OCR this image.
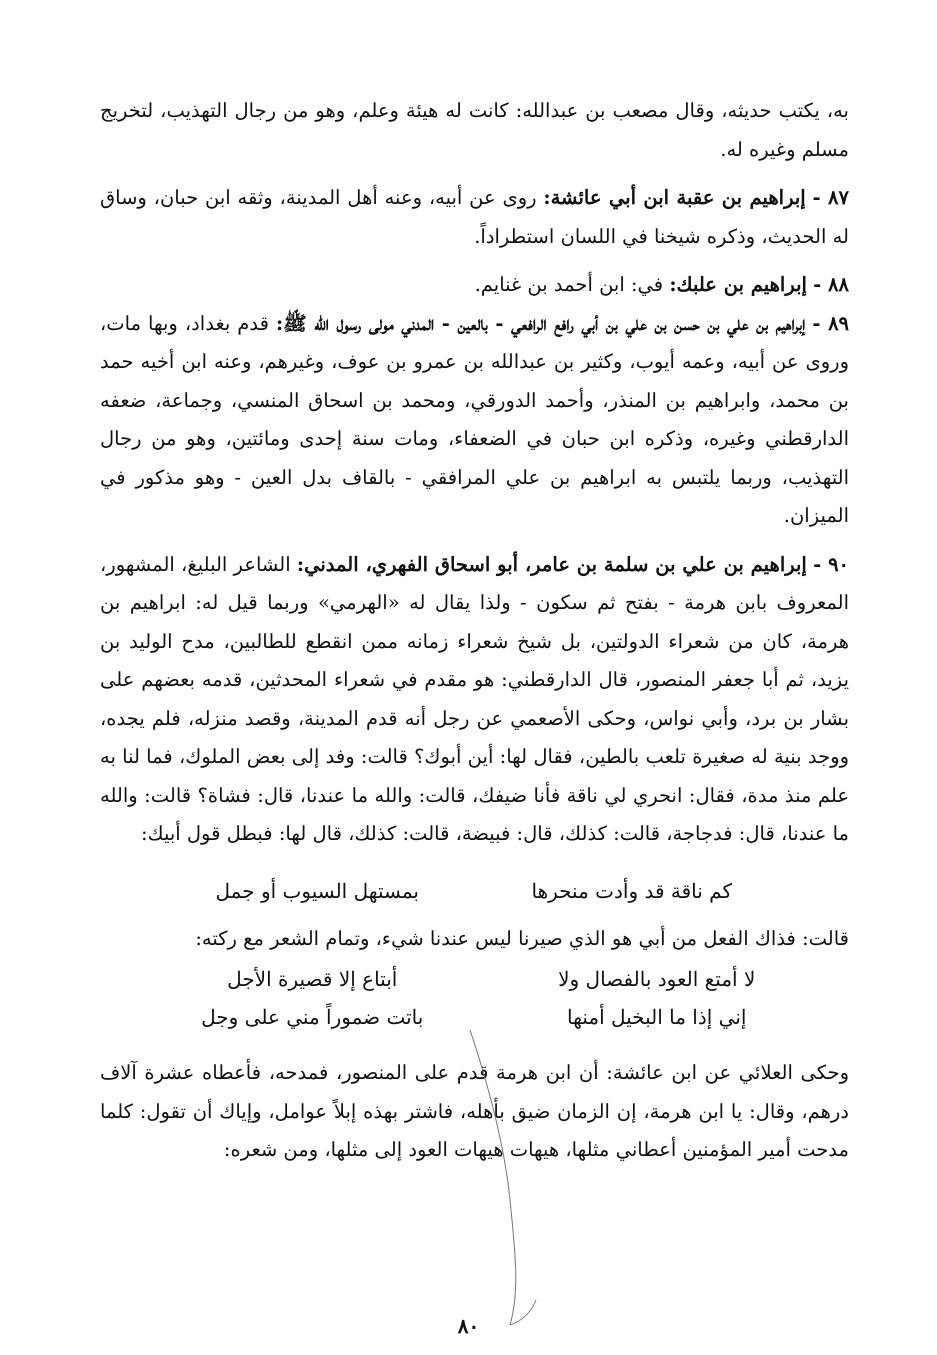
به، يكتب حديثه، وقال مصعب بن عبدالله: كانت له هيئة وعلم، وهو من رجال التهذيب، لتخريج مسلم وغيره له.

٨٧ - إبراهيم بن عقبة ابن أبي عائشة: روى عن أبيه، وعنه أهل المدينة، وثقه ابن حبان، وساق له الحديث، وذكره شيخنا في اللسان استطراداً.

٨٨ - إبراهيم بن علبك: في: ابن أحمد بن غنايم.

٨٩ - إبراهيم بن علي بن حسن بن علي بن أبي رافع الرافعي - بالعين - المدني مولى رسول الله ﷺ: قدم بغداد، وبها مات، وروى عن أبيه، وعمه أيوب، وكثير بن عبدالله بن عمرو بن عوف، وغيرهم، وعنه ابن أخيه حمد بن محمد، وابراهيم بن المنذر، وأحمد الدورقي، ومحمد بن اسحاق المنسي، وجماعة، ضعفه الدارقطني وغيره، وذكره ابن حبان في الضعفاء، ومات سنة إحدى ومائتين، وهو من رجال التهذيب، وربما يلتبس به ابراهيم بن علي المرافقي - بالقاف بدل العين - وهو مذكور في الميزان.

٩٠ - إبراهيم بن علي بن سلمة بن عامر، أبو اسحاق الفهري، المدني: الشاعر البليغ، المشهور، المعروف بابن هرمة - بفتح ثم سكون - ولذا يقال له «الهرمي» وربما قيل له: ابراهيم بن هرمة، كان من شعراء الدولتين، بل شيخ شعراء زمانه ممن انقطع للطالبين، مدح الوليد بن يزيد، ثم أبا جعفر المنصور، قال الدارقطني: هو مقدم في شعراء المحدثين، قدمه بعضهم على بشار بن برد، وأبي نواس، وحكى الأصعمي عن رجل أنه قدم المدينة، وقصد منزله، فلم يجده، ووجد بنية له صغيرة تلعب بالطين، فقال لها: أين أبوك؟ قالت: وفد إلى بعض الملوك، فما لنا به علم منذ مدة، فقال: انحري لي ناقة فأنا ضيفك، قالت: والله ما عندنا، قال: فشاة؟ قالت: والله ما عندنا، قال: فدجاجة، قالت: كذلك، قال: فبيضة، قالت: كذلك، قال لها: فبطل قول أبيك:

كم ناقة قد وأدت منحرها
بمستهل السيوب أو جمل

قالت: فذاك الفعل من أبي هو الذي صيرنا ليس عندنا شيء، وتمام الشعر مع ركته:

لا أمتع العود بالفصال ولا
أبتاع إلا قصيرة الأجل
إني إذا ما البخيل أمنها
باتت ضموراً مني على وجل

وحكى العلائي عن ابن عائشة: أن ابن هرمة قدم على المنصور، فمدحه، فأعطاه عشرة آلاف درهم، وقال: يا ابن هرمة، إن الزمان ضيق بأهله، فاشتر بهذه إبلاً عوامل، وإياك أن تقول: كلما مدحت أمير المؤمنين أعطاني مثلها، هيهات هيهات العود إلى مثلها، ومن شعره:

٨٠
